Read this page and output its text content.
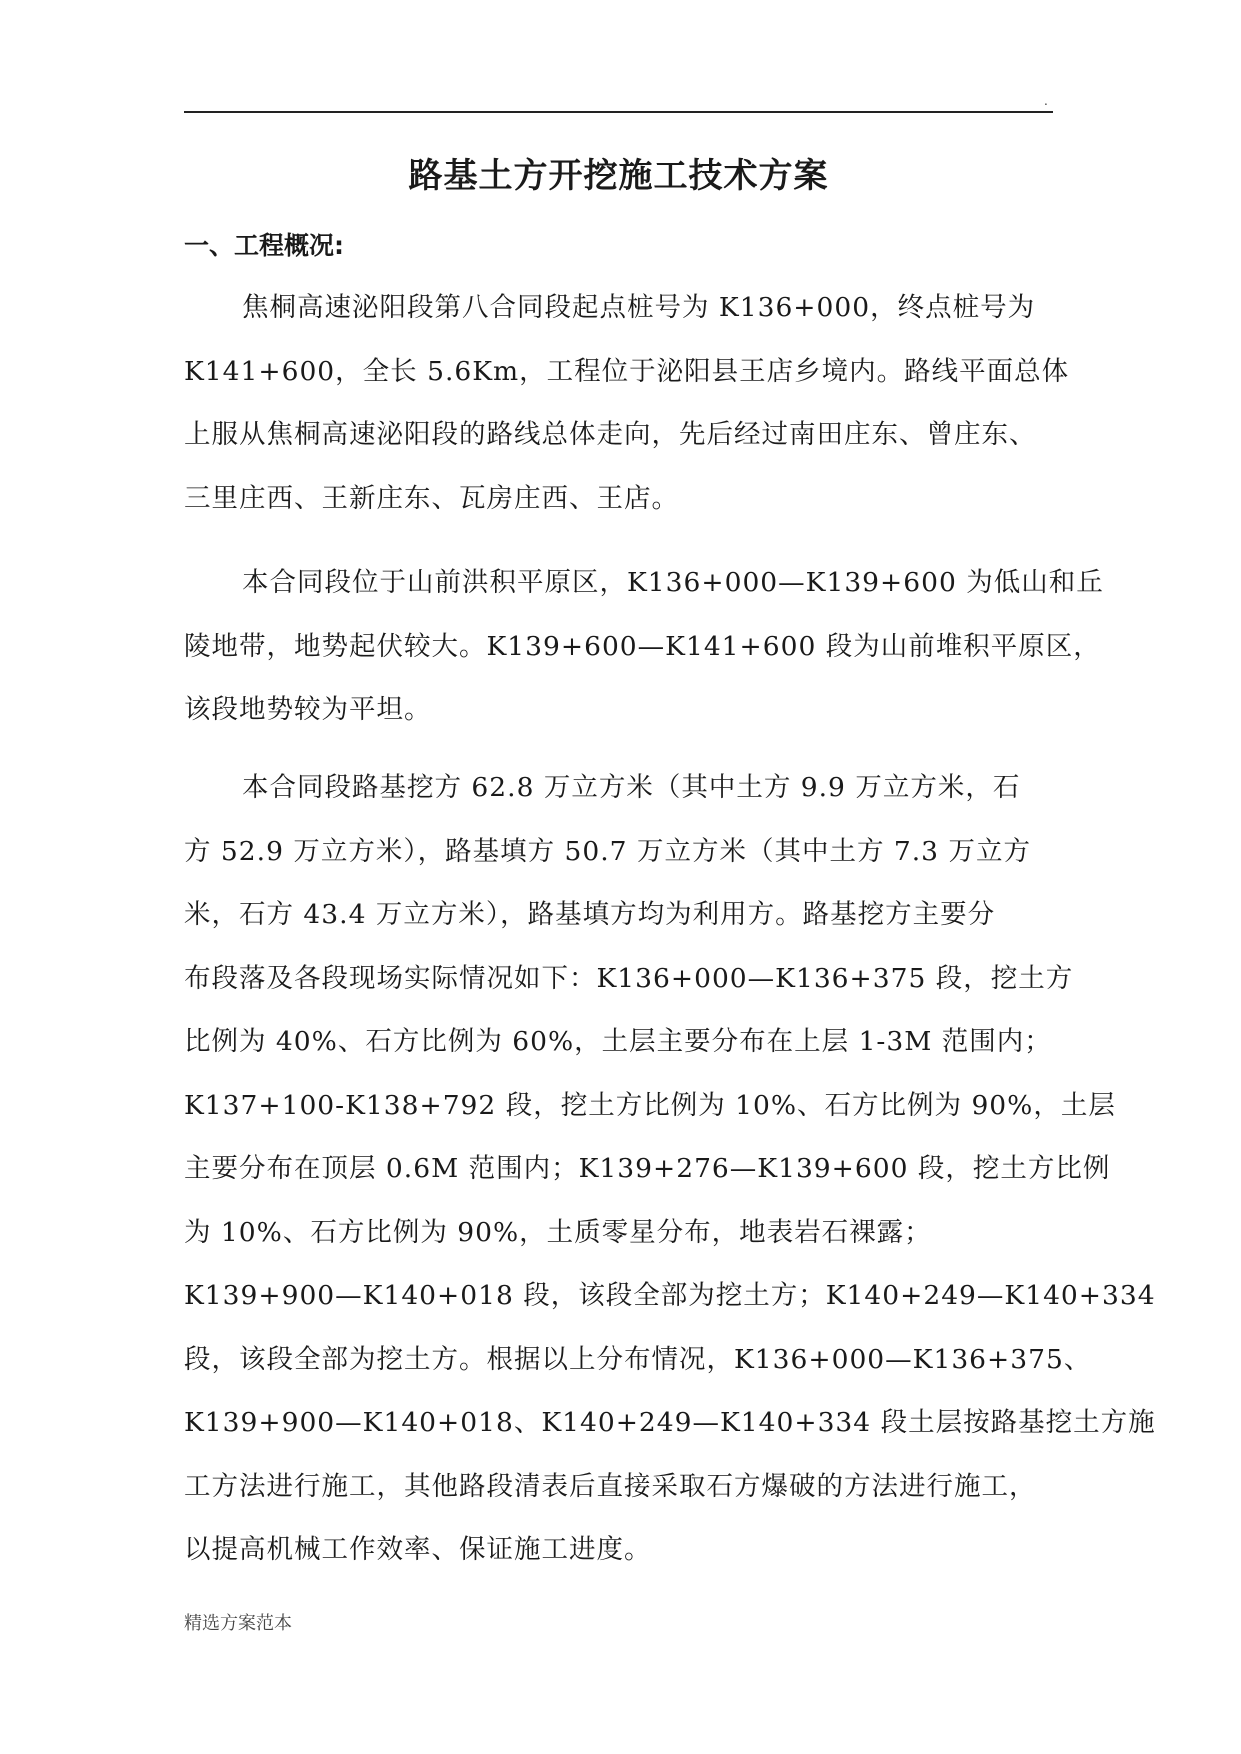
.
路基土方开挖施工技术方案
一、工程概况:
焦桐高速泌阳段第八合同段起点桩号为 K136+000，终点桩号为
K141+600，全长 5.6Km，工程位于泌阳县王店乡境内。路线平面总体
上服从焦桐高速泌阳段的路线总体走向，先后经过南田庄东、曾庄东、
三里庄西、王新庄东、瓦房庄西、王店。
本合同段位于山前洪积平原区，K136+000—K139+600 为低山和丘
陵地带，地势起伏较大。K139+600—K141+600 段为山前堆积平原区，
该段地势较为平坦。
本合同段路基挖方 62.8 万立方米（其中土方 9.9 万立方米，石
方 52.9 万立方米），路基填方 50.7 万立方米（其中土方 7.3 万立方
米，石方 43.4 万立方米），路基填方均为利用方。路基挖方主要分
布段落及各段现场实际情况如下：K136+000—K136+375 段，挖土方
比例为 40%、石方比例为 60%，土层主要分布在上层 1-3M 范围内；
K137+100-K138+792 段，挖土方比例为 10%、石方比例为 90%，土层
主要分布在顶层 0.6M 范围内；K139+276—K139+600 段，挖土方比例
为 10%、石方比例为 90%，土质零星分布，地表岩石裸露；
K139+900—K140+018 段，该段全部为挖土方；K140+249—K140+334
段，该段全部为挖土方。根据以上分布情况，K136+000—K136+375、
K139+900—K140+018、K140+249—K140+334 段土层按路基挖土方施
工方法进行施工，其他路段清表后直接采取石方爆破的方法进行施工，
以提高机械工作效率、保证施工进度。
精选方案范本
